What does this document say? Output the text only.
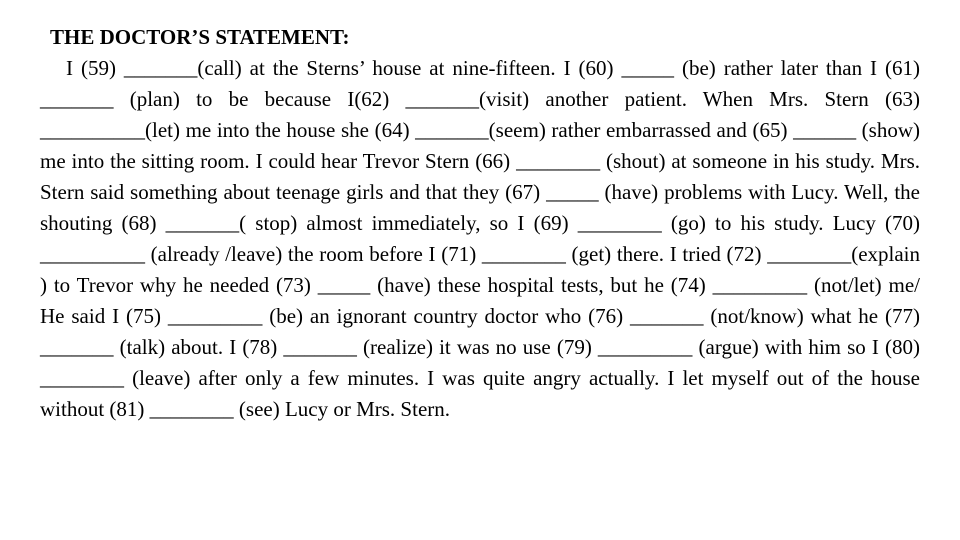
THE DOCTOR’S STATEMENT:

I (59) _______(call) at the Sterns’ house at nine-fifteen. I (60) _____ (be) rather later than I (61) _______ (plan) to be because I(62) _______(visit) another patient. When Mrs. Stern (63) __________(let) me into the house she (64) _______(seem) rather embarrassed and (65) ______ (show) me into the sitting room. I could hear Trevor Stern (66) ________ (shout) at someone in his study. Mrs. Stern said something about teenage girls and that they (67) _____ (have) problems with Lucy. Well, the shouting (68) _______( stop) almost immediately, so I (69) ________ (go) to his study. Lucy (70) __________ (already /leave) the room before I (71) ________ (get) there. I tried (72) ________(explain ) to Trevor why he needed (73) _____ (have) these hospital tests, but he (74) _________ (not/let) me/ He said I (75) _________ (be) an ignorant country doctor who (76) _______ (not/know) what he (77) _______ (talk) about. I (78) _______ (realize) it was no use (79) _________ (argue) with him so I (80) ________ (leave) after only a few minutes. I was quite angry actually. I let myself out of the house without (81) ________ (see) Lucy or Mrs. Stern.
